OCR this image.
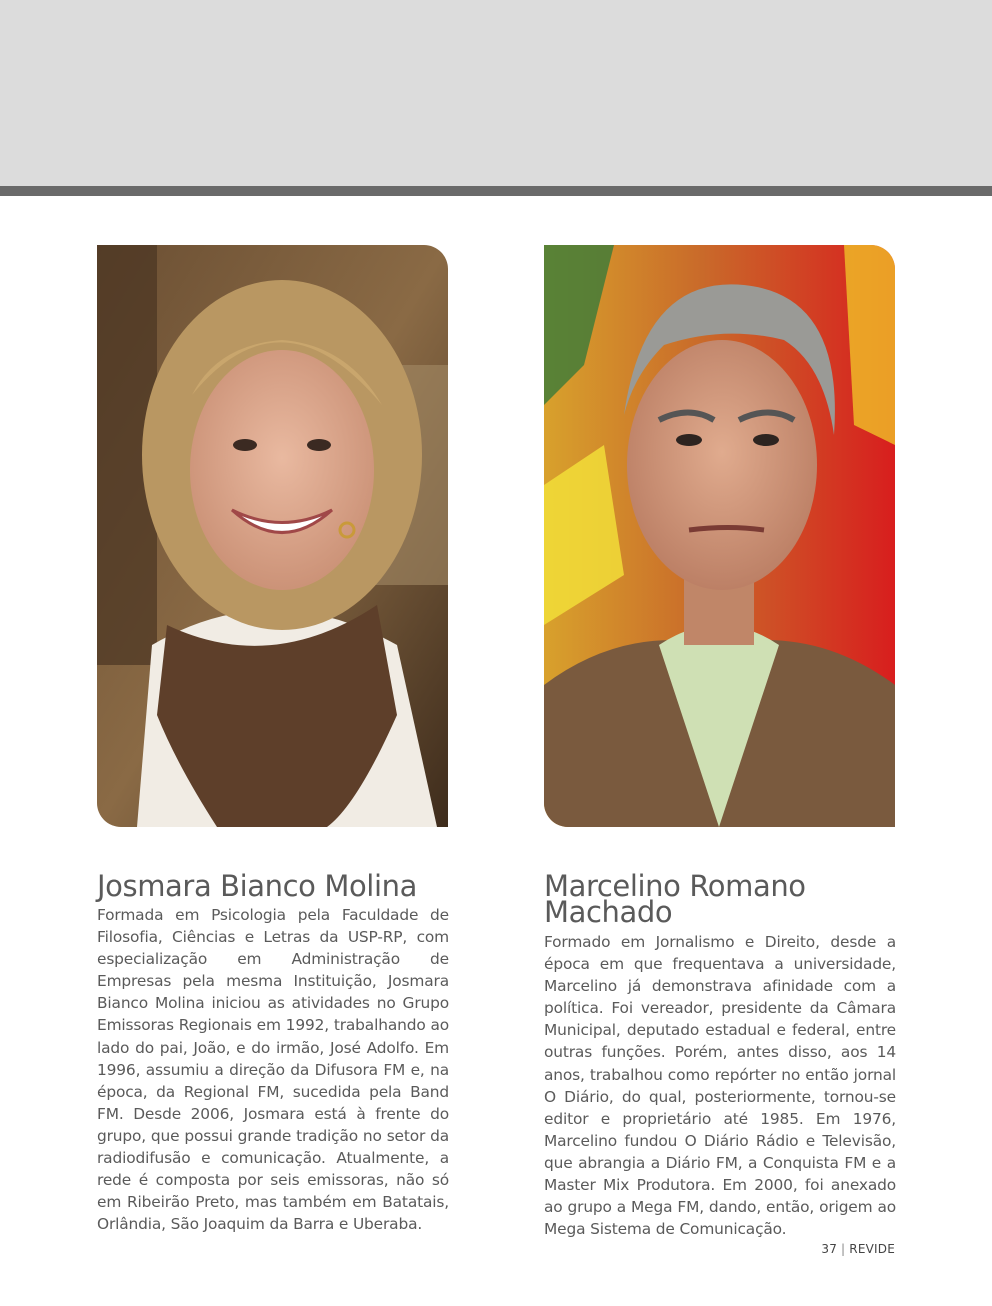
Josmara Bianco Molina

Formada em Psicologia pela Faculdade de Filosofia, Ciências e Letras da USP-RP, com especialização em Administração de Empresas pela mesma Instituição, Josmara Bianco Molina iniciou as atividades no Grupo Emissoras Regionais em 1992, trabalhando ao lado do pai, João, e do irmão, José Adolfo. Em 1996, assumiu a direção da Difusora FM e, na época, da Regional FM, sucedida pela Band FM. Desde 2006, Josmara está à frente do grupo, que possui grande tradição no setor da radiodifusão e comunicação. Atualmente, a rede é composta por seis emissoras, não só em Ribeirão Preto, mas também em Batatais, Orlândia, São Joaquim da Barra e Uberaba.

Marcelino Romano
Machado

Formado em Jornalismo e Direito, desde a época em que frequentava a universidade, Marcelino já demonstrava afinidade com a política. Foi vereador, presidente da Câmara Municipal, deputado estadual e federal, entre outras funções. Porém, antes disso, aos 14 anos, trabalhou como repórter no então jornal O Diário, do qual, posteriormente, tornou-se editor e proprietário até 1985. Em 1976, Marcelino fundou O Diário Rádio e Televisão, que abrangia a Diário FM, a Conquista FM e a Master Mix Produtora. Em 2000, foi anexado ao grupo a Mega FM, dando, então, origem ao Mega Sistema de Comunicação.

37 | REVIDE
